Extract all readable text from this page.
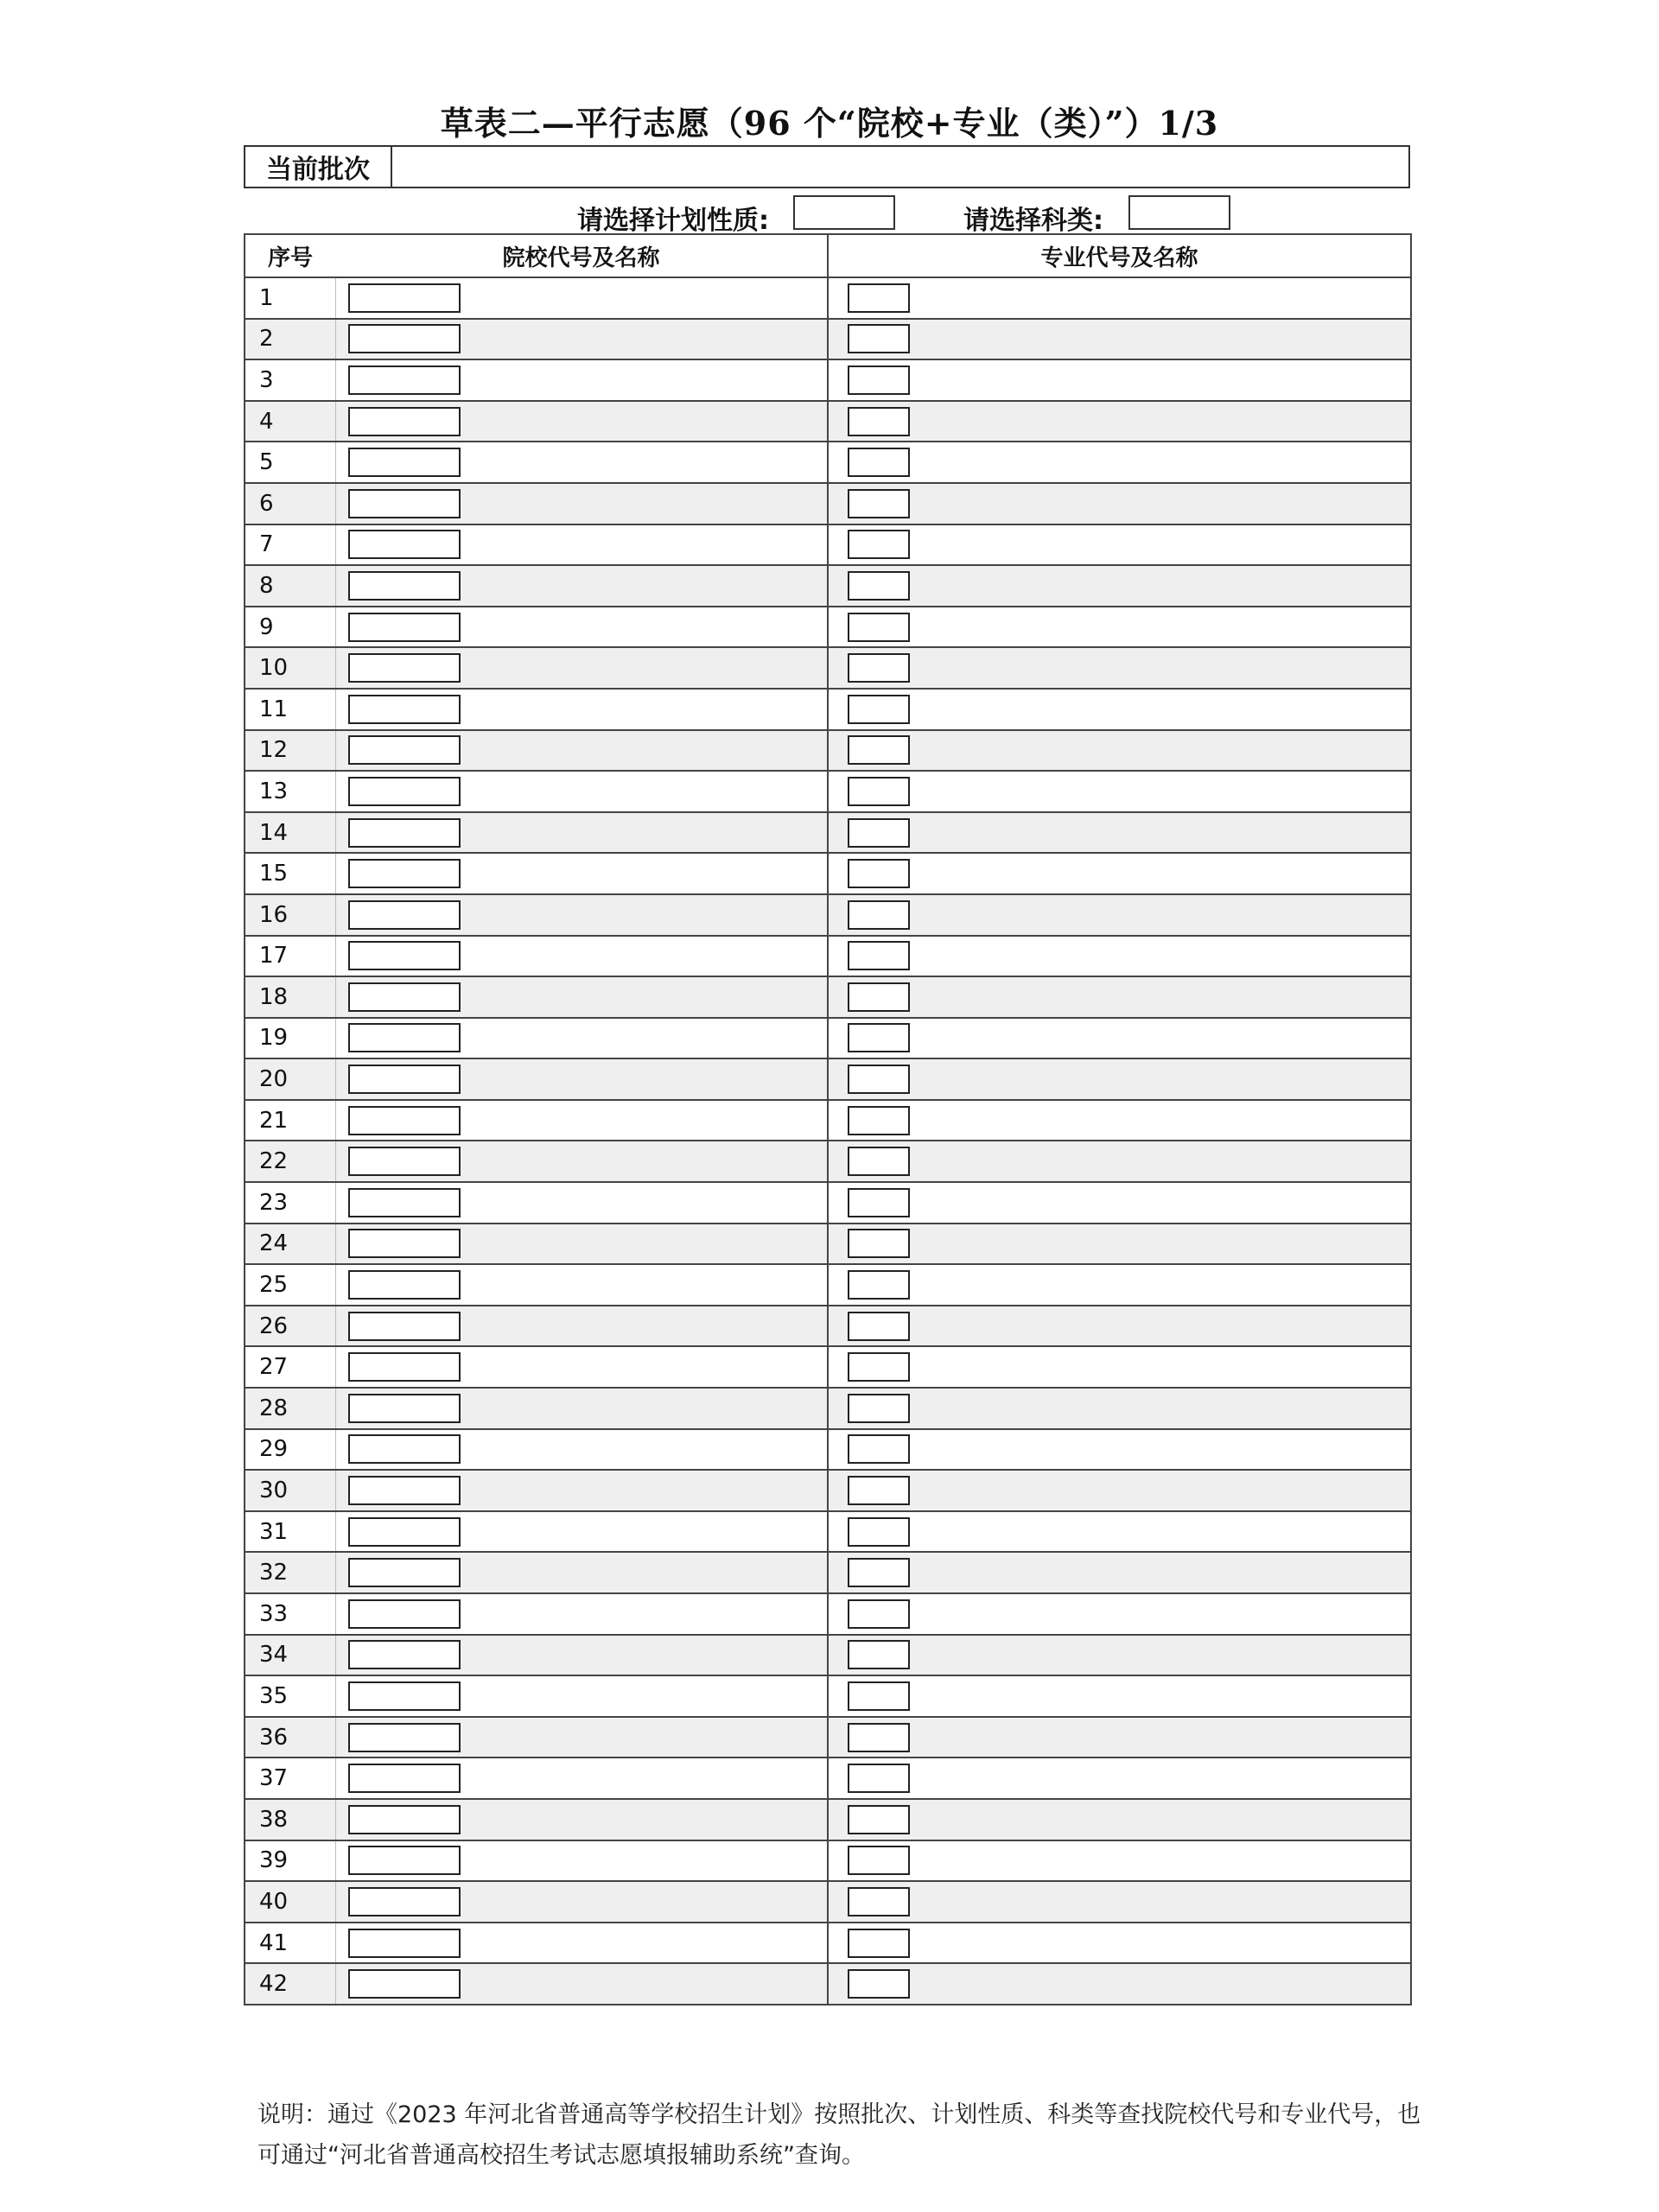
草表二—平行志愿（96 个“院校+专业（类）”）1/3
当前批次
请选择计划性质:	请选择科类:
序号	院校代号及名称	专业代号及名称
1		
2		
3		
4		
5		
6		
7		
8		
9		
10		
11		
12		
13		
14		
15		
16		
17		
18		
19		
20		
21		
22		
23		
24		
25		
26		
27		
28		
29		
30		
31		
32		
33		
34		
35		
36		
37		
38		
39		
40		
41		
42		
说明：通过《2023 年河北省普通高等学校招生计划》按照批次、计划性质、科类等查找院校代号和专业代号，也
可通过“河北省普通高校招生考试志愿填报辅助系统”查询。
